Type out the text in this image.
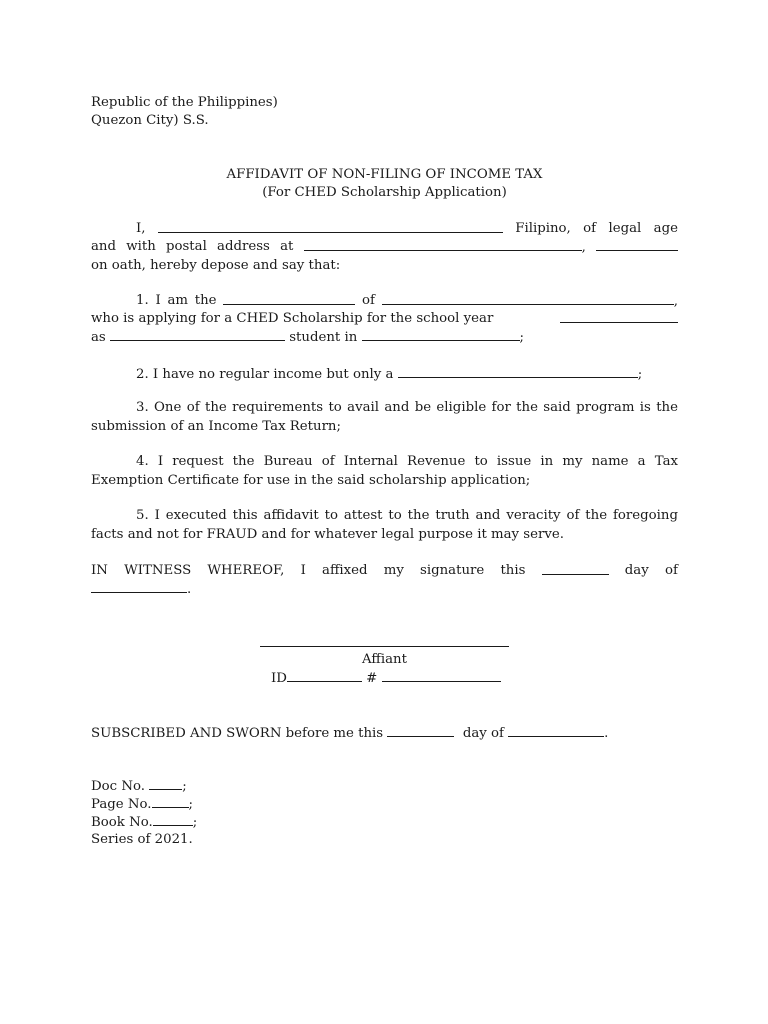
Republic of the Philippines)
Quezon City) S.S.
AFFIDAVIT OF NON-FILING OF INCOME TAX
(For CHED Scholarship Application)
I,	Filipino, of legal age
and with postal address at	,
on oath, hereby depose and say that:
1. I am the	of	,
who is applying for a CHED Scholarship for the school year
as	student in	;
2. I have no regular income but only a	;
3. One of the requirements to avail and be eligible for the said program is the submission of an Income Tax Return;
4. I request the Bureau of Internal Revenue to issue in my name a Tax Exemption Certificate for use in the said scholarship application;
5. I executed this affidavit to attest to the truth and veracity of the foregoing facts and not for FRAUD and for whatever legal purpose it may serve.
IN WITNESS WHEREOF, I affixed my signature this	day of
.
Affiant
ID	#
SUBSCRIBED AND SWORN before me this	day of	.
Doc No.	;
Page No.	;
Book No.	;
Series of 2021.
